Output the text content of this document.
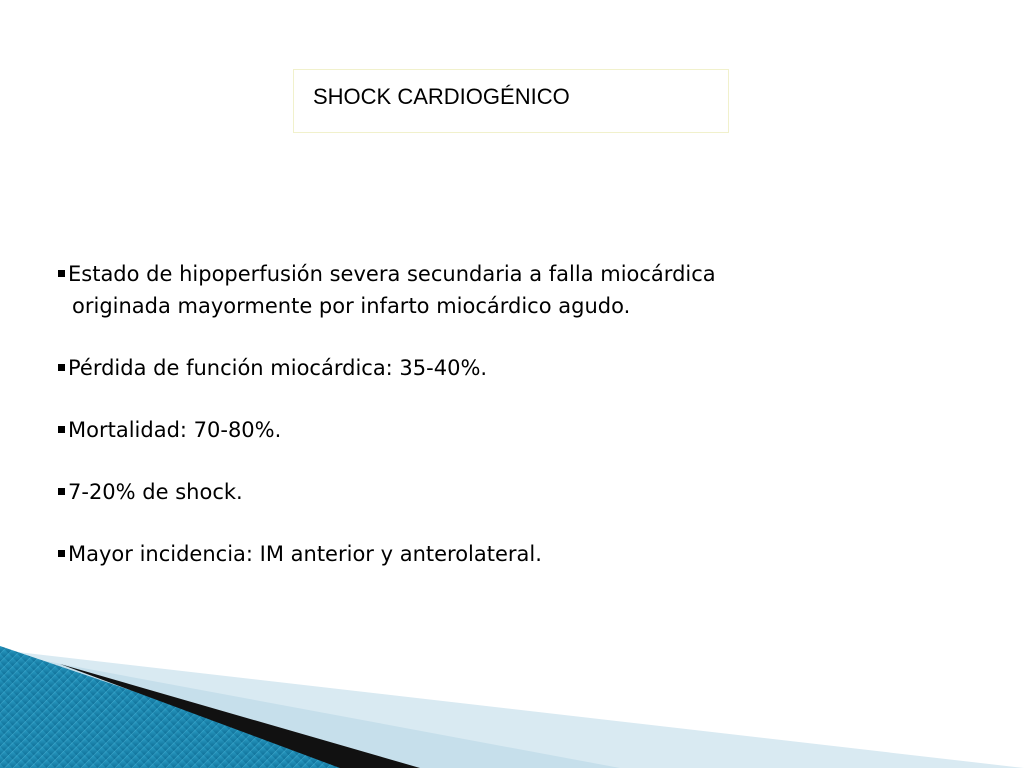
SHOCK CARDIOGÉNICO
Estado de hipoperfusión severa secundaria a falla miocárdica
originada mayormente por infarto miocárdico agudo.
Pérdida de función miocárdica: 35-40%.
Mortalidad: 70-80%.
7-20% de shock.
Mayor incidencia: IM anterior y anterolateral.
